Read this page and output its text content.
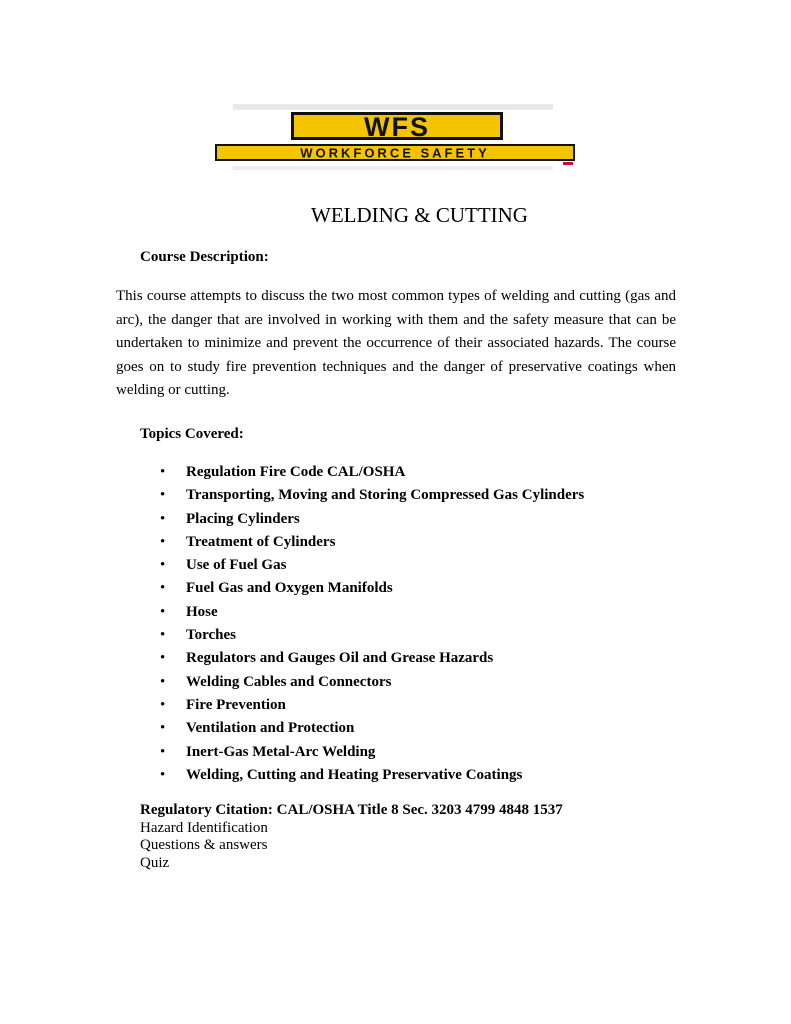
WFS
WORKFORCE SAFETY
WELDING & CUTTING
Course Description:

This course attempts to discuss the two most common types of welding and cutting (gas and arc), the danger that are involved in working with them and the safety measure that can be undertaken to minimize and prevent the occurrence of their associated hazards. The course goes on to study fire prevention techniques and the danger of preservative coatings when welding or cutting.

Topics Covered:
• Regulation Fire Code CAL/OSHA
• Transporting, Moving and Storing Compressed Gas Cylinders
• Placing Cylinders
• Treatment of Cylinders
• Use of Fuel Gas
• Fuel Gas and Oxygen Manifolds
• Hose
• Torches
• Regulators and Gauges Oil and Grease Hazards
• Welding Cables and Connectors
• Fire Prevention
• Ventilation and Protection
• Inert-Gas Metal-Arc Welding
• Welding, Cutting and Heating Preservative Coatings
Regulatory Citation: CAL/OSHA Title 8 Sec. 3203 4799 4848 1537
Hazard Identification
Questions & answers
Quiz
